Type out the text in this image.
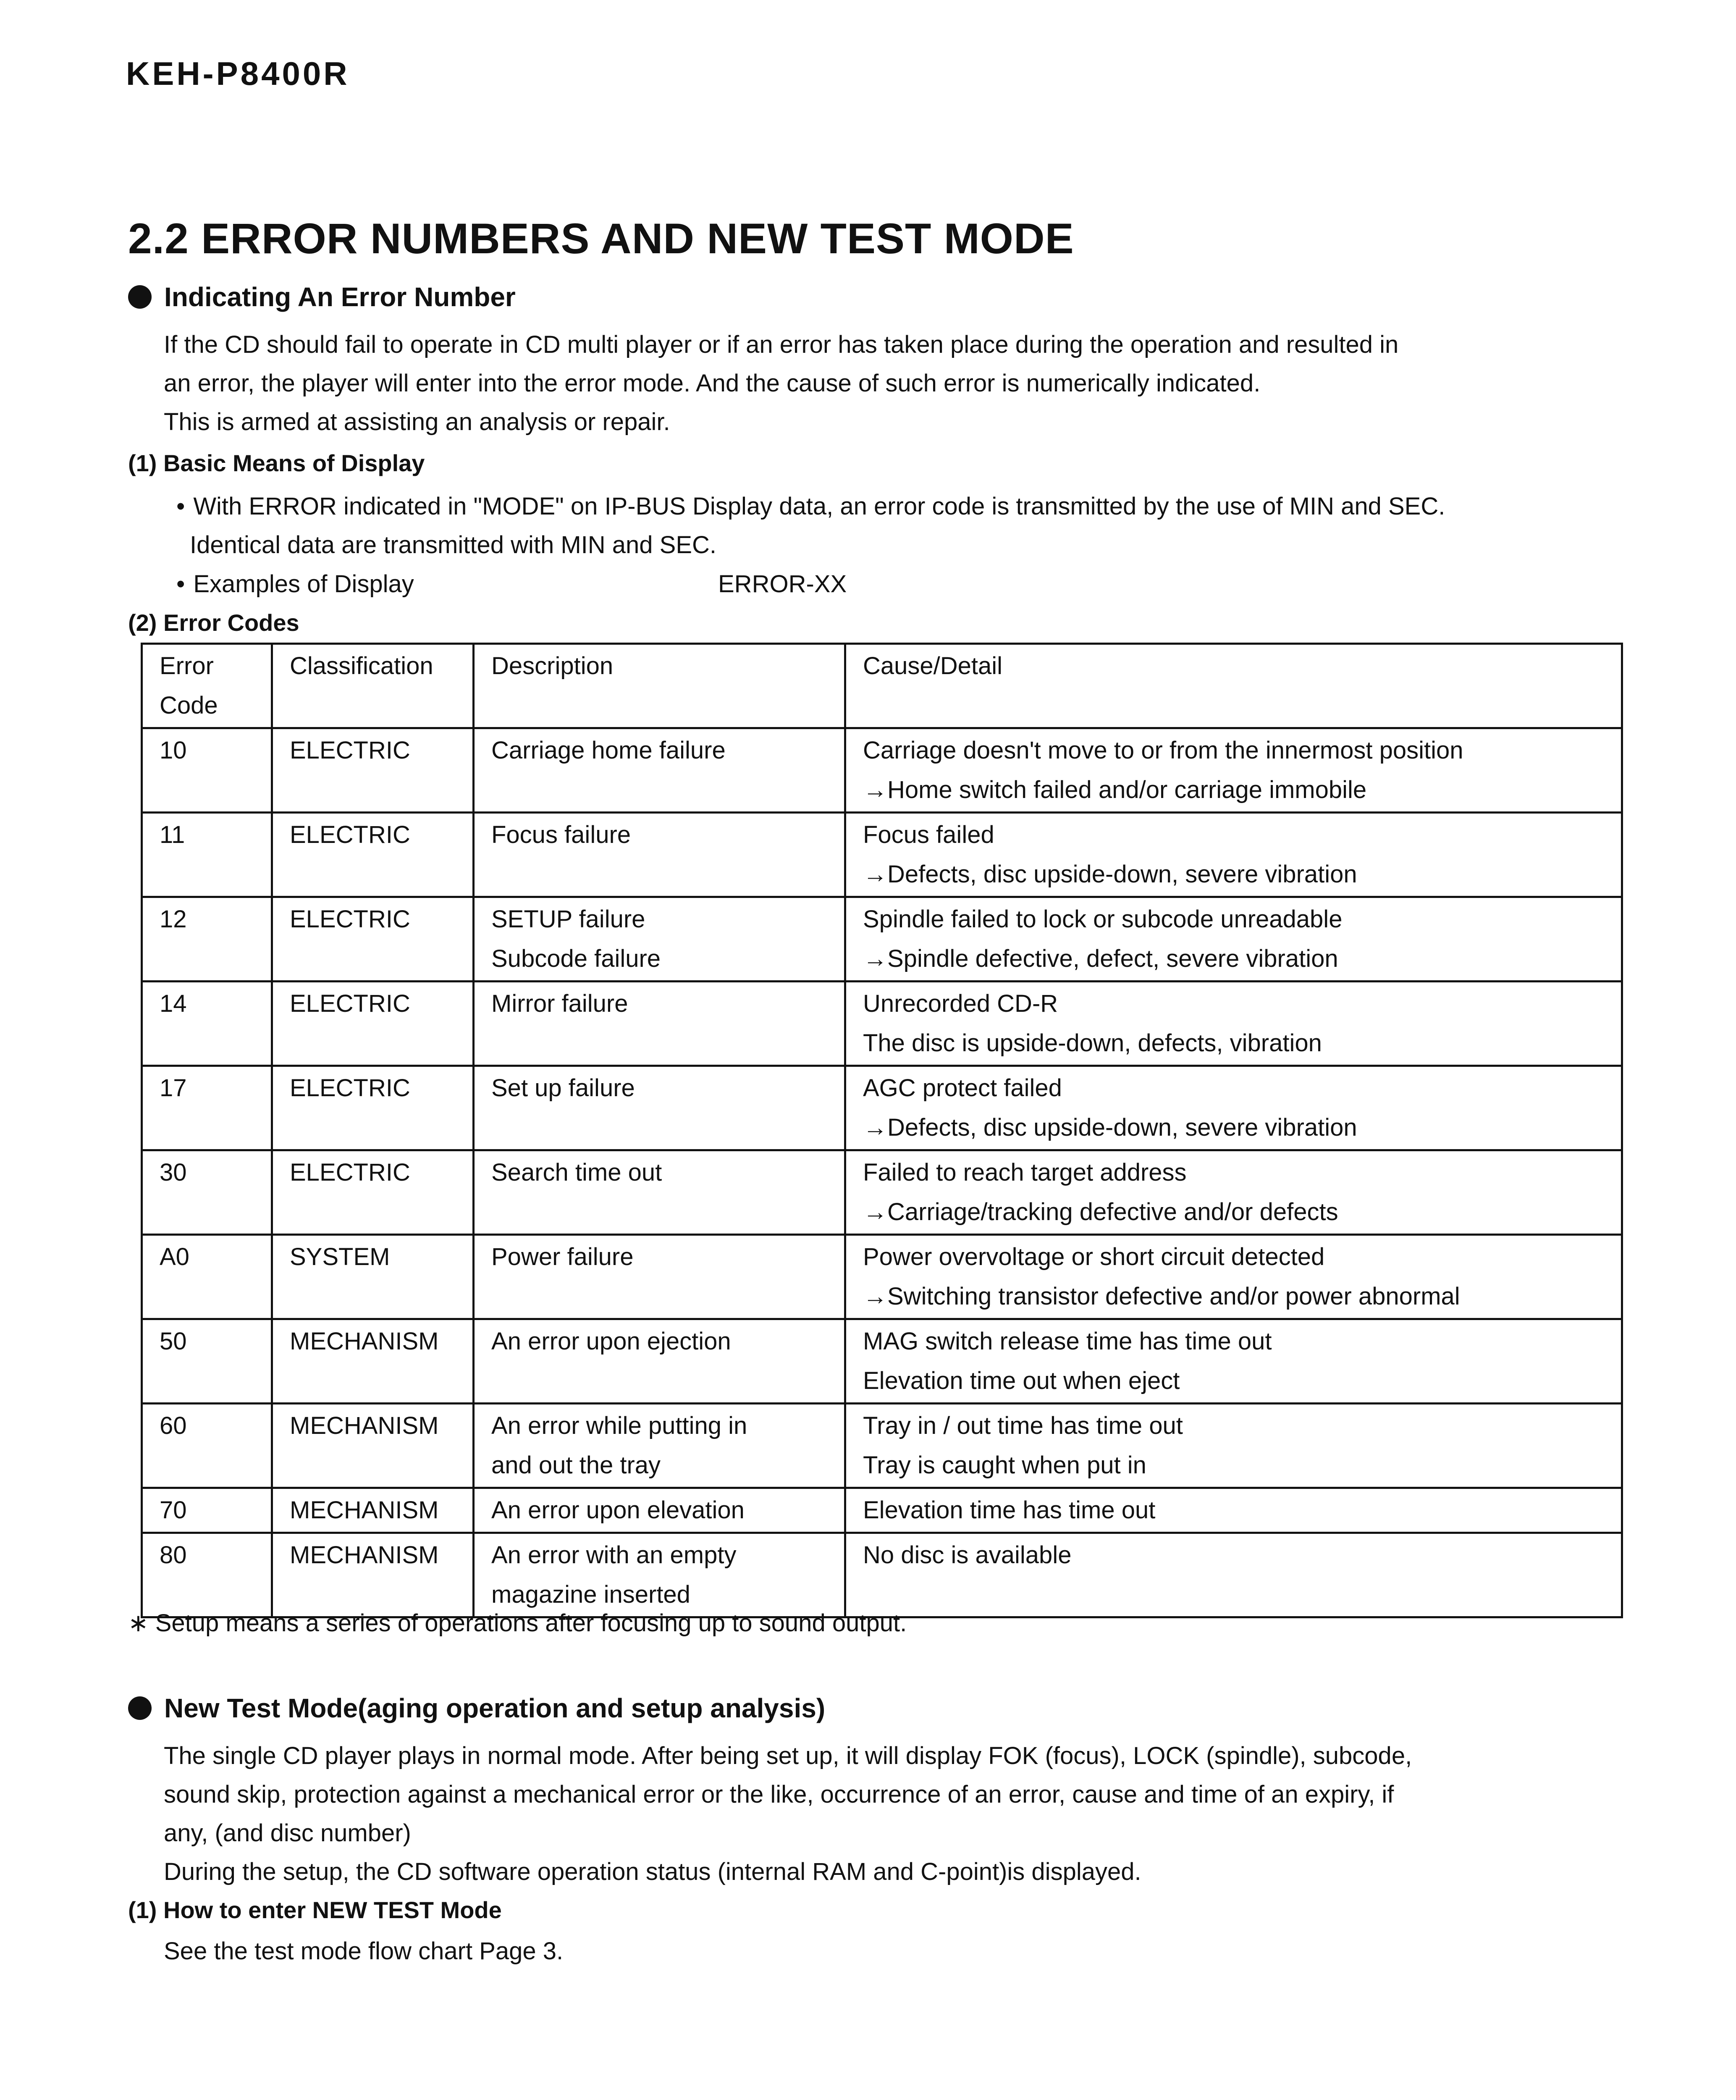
KEH-P8400R
2.2 ERROR NUMBERS AND NEW TEST MODE
Indicating An Error Number

If the CD should fail to operate in CD multi player or if an error has taken place during the operation and resulted in

an error, the player will enter into the error mode. And the cause of such error is numerically indicated.

This is armed at assisting an analysis or repair.

(1) Basic Means of Display
• With ERROR indicated in "MODE" on IP-BUS Display data, an error code is transmitted by the use of MIN and SEC.
Identical data are transmitted with MIN and SEC.
• Examples of Display	ERROR-XX
(2) Error Codes
Error
Code	Classification	Description	Cause/Detail
10	ELECTRIC	Carriage home failure	Carriage doesn't move to or from the innermost position
→Home switch failed and/or carriage immobile

11	ELECTRIC	Focus failure	Focus failed
→Defects, disc upside-down, severe vibration

12	ELECTRIC	SETUP failure
Subcode failure	Spindle failed to lock or subcode unreadable
→Spindle defective, defect, severe vibration

14	ELECTRIC	Mirror failure	Unrecorded CD-R
The disc is upside-down, defects, vibration

17	ELECTRIC	Set up failure	AGC protect failed
→Defects, disc upside-down, severe vibration

30	ELECTRIC	Search time out	Failed to reach target address
→Carriage/tracking defective and/or defects

A0	SYSTEM	Power failure	Power overvoltage or short circuit detected
→Switching transistor defective and/or power abnormal

50	MECHANISM	An error upon ejection	MAG switch release time has time out
Elevation time out when eject

60	MECHANISM	An error while putting in
and out the tray	Tray in / out time has time out
Tray is caught when put in

70	MECHANISM	An error upon elevation	Elevation time has time out

80	MECHANISM	An error with an empty
magazine inserted	No disc is available
∗ Setup means a series of operations after focusing up to sound output.
New Test Mode(aging operation and setup analysis)

The single CD player plays in normal mode. After being set up, it will display FOK (focus), LOCK (spindle), subcode,

sound skip, protection against a mechanical error or the like, occurrence of an error, cause and time of an expiry, if

any, (and disc number)

During the setup, the CD software operation status (internal RAM and C-point)is displayed.

(1) How to enter NEW TEST Mode
See the test mode flow chart Page 3.
